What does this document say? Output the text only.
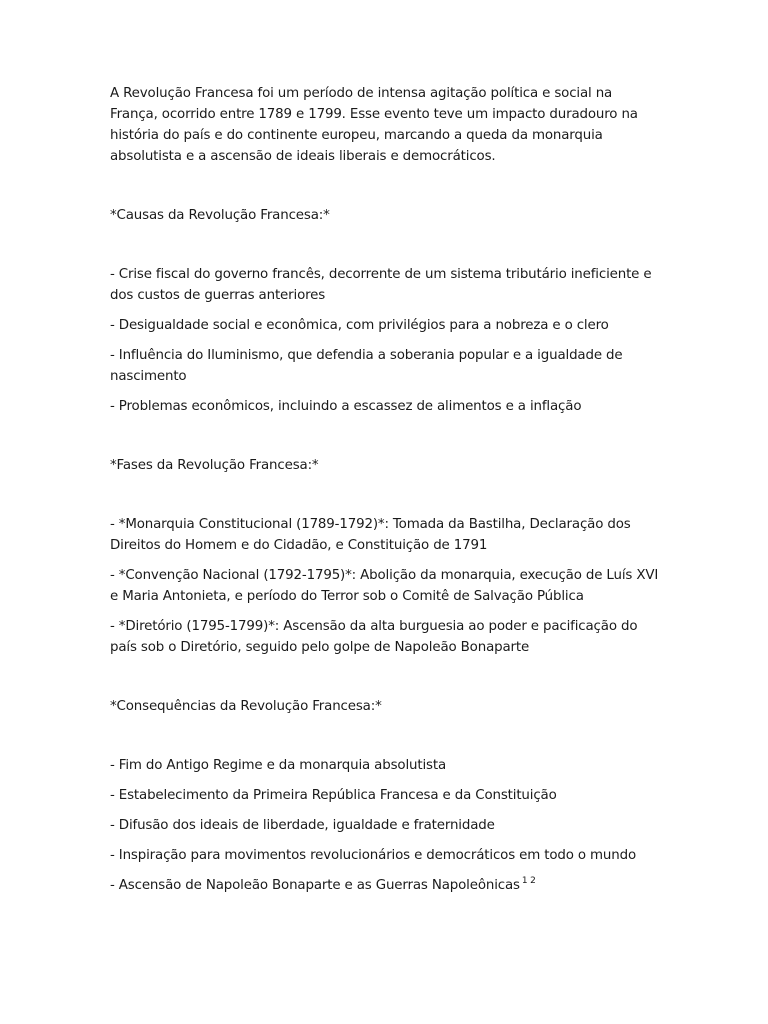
A Revolução Francesa foi um período de intensa agitação política e social na França, ocorrido entre 1789 e 1799. Esse evento teve um impacto duradouro na história do país e do continente europeu, marcando a queda da monarquia absolutista e a ascensão de ideais liberais e democráticos.

*Causas da Revolução Francesa:*

- Crise fiscal do governo francês, decorrente de um sistema tributário ineficiente e dos custos de guerras anteriores

- Desigualdade social e econômica, com privilégios para a nobreza e o clero

- Influência do Iluminismo, que defendia a soberania popular e a igualdade de nascimento

- Problemas econômicos, incluindo a escassez de alimentos e a inflação

*Fases da Revolução Francesa:*

- *Monarquia Constitucional (1789-1792)*: Tomada da Bastilha, Declaração dos Direitos do Homem e do Cidadão, e Constituição de 1791

- *Convenção Nacional (1792-1795)*: Abolição da monarquia, execução de Luís XVI e Maria Antonieta, e período do Terror sob o Comitê de Salvação Pública

- *Diretório (1795-1799)*: Ascensão da alta burguesia ao poder e pacificação do país sob o Diretório, seguido pelo golpe de Napoleão Bonaparte

*Consequências da Revolução Francesa:*

- Fim do Antigo Regime e da monarquia absolutista

- Estabelecimento da Primeira República Francesa e da Constituição

- Difusão dos ideais de liberdade, igualdade e fraternidade

- Inspiração para movimentos revolucionários e democráticos em todo o mundo

- Ascensão de Napoleão Bonaparte e as Guerras Napoleônicas $^{1 2}$
